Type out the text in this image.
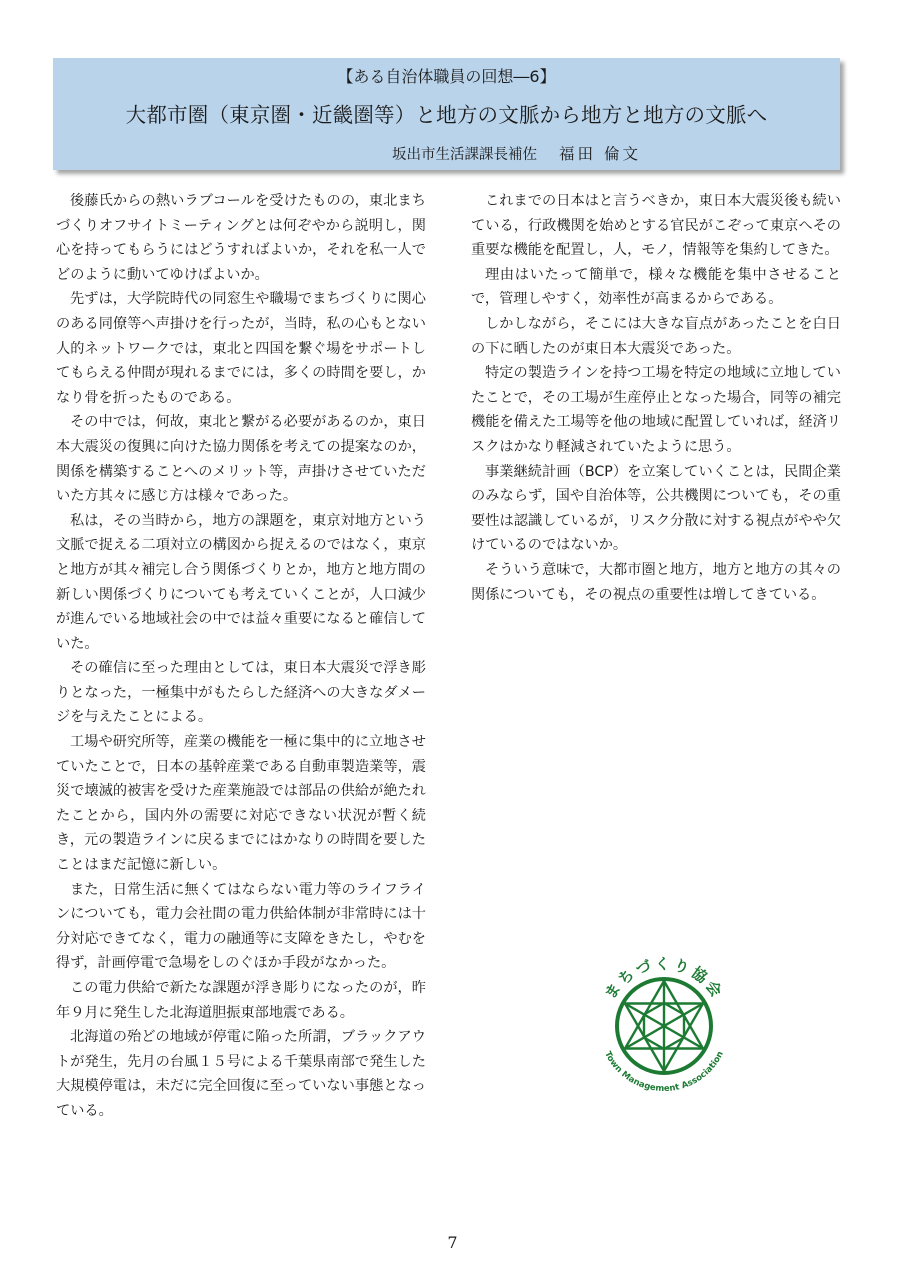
【ある自治体職員の回想―6】
大都市圏（東京圏・近畿圏等）と地方の文脈から地方と地方の文脈へ
坂出市生活課課長補佐 福田 倫文

後藤氏からの熱いラブコールを受けたものの，東北まちづくりオフサイトミーティングとは何ぞやから説明し，関心を持ってもらうにはどうすればよいか，それを私一人でどのように動いてゆけばよいか。

先ずは，大学院時代の同窓生や職場でまちづくりに関心のある同僚等へ声掛けを行ったが，当時，私の心もとない人的ネットワークでは，東北と四国を繋ぐ場をサポートしてもらえる仲間が現れるまでには，多くの時間を要し，かなり骨を折ったものである。

その中では，何故，東北と繋がる必要があるのか，東日本大震災の復興に向けた協力関係を考えての提案なのか，関係を構築することへのメリット等，声掛けさせていただいた方其々に感じ方は様々であった。

私は，その当時から，地方の課題を，東京対地方という文脈で捉える二項対立の構図から捉えるのではなく，東京と地方が其々補完し合う関係づくりとか，地方と地方間の新しい関係づくりについても考えていくことが，人口減少が進んでいる地域社会の中では益々重要になると確信していた。

その確信に至った理由としては，東日本大震災で浮き彫りとなった，一極集中がもたらした経済への大きなダメージを与えたことによる。

工場や研究所等，産業の機能を一極に集中的に立地させていたことで，日本の基幹産業である自動車製造業等，震災で壊滅的被害を受けた産業施設では部品の供給が絶たれたことから，国内外の需要に対応できない状況が暫く続き，元の製造ラインに戻るまでにはかなりの時間を要したことはまだ記憶に新しい。

また，日常生活に無くてはならない電力等のライフラインについても，電力会社間の電力供給体制が非常時には十分対応できてなく，電力の融通等に支障をきたし，やむを得ず，計画停電で急場をしのぐほか手段がなかった。

この電力供給で新たな課題が浮き彫りになったのが，昨年９月に発生した北海道胆振東部地震である。

北海道の殆どの地域が停電に陥った所謂，ブラックアウトが発生，先月の台風１５号による千葉県南部で発生した大規模停電は，未だに完全回復に至っていない事態となっている。

これまでの日本はと言うべきか，東日本大震災後も続いている，行政機関を始めとする官民がこぞって東京へその重要な機能を配置し，人，モノ，情報等を集約してきた。

理由はいたって簡単で，様々な機能を集中させることで，管理しやすく，効率性が高まるからである。

しかしながら，そこには大きな盲点があったことを白日の下に晒したのが東日本大震災であった。

特定の製造ラインを持つ工場を特定の地域に立地していたことで，その工場が生産停止となった場合，同等の補完機能を備えた工場等を他の地域に配置していれば，経済リスクはかなり軽減されていたように思う。

事業継続計画（BCP）を立案していくことは，民間企業のみならず，国や自治体等，公共機関についても，その重要性は認識しているが，リスク分散に対する視点がやや欠けているのではないか。

そういう意味で，大都市圏と地方，地方と地方の其々の関係についても，その視点の重要性は増してきている。

まちづくり協会
Town Management Association
7
